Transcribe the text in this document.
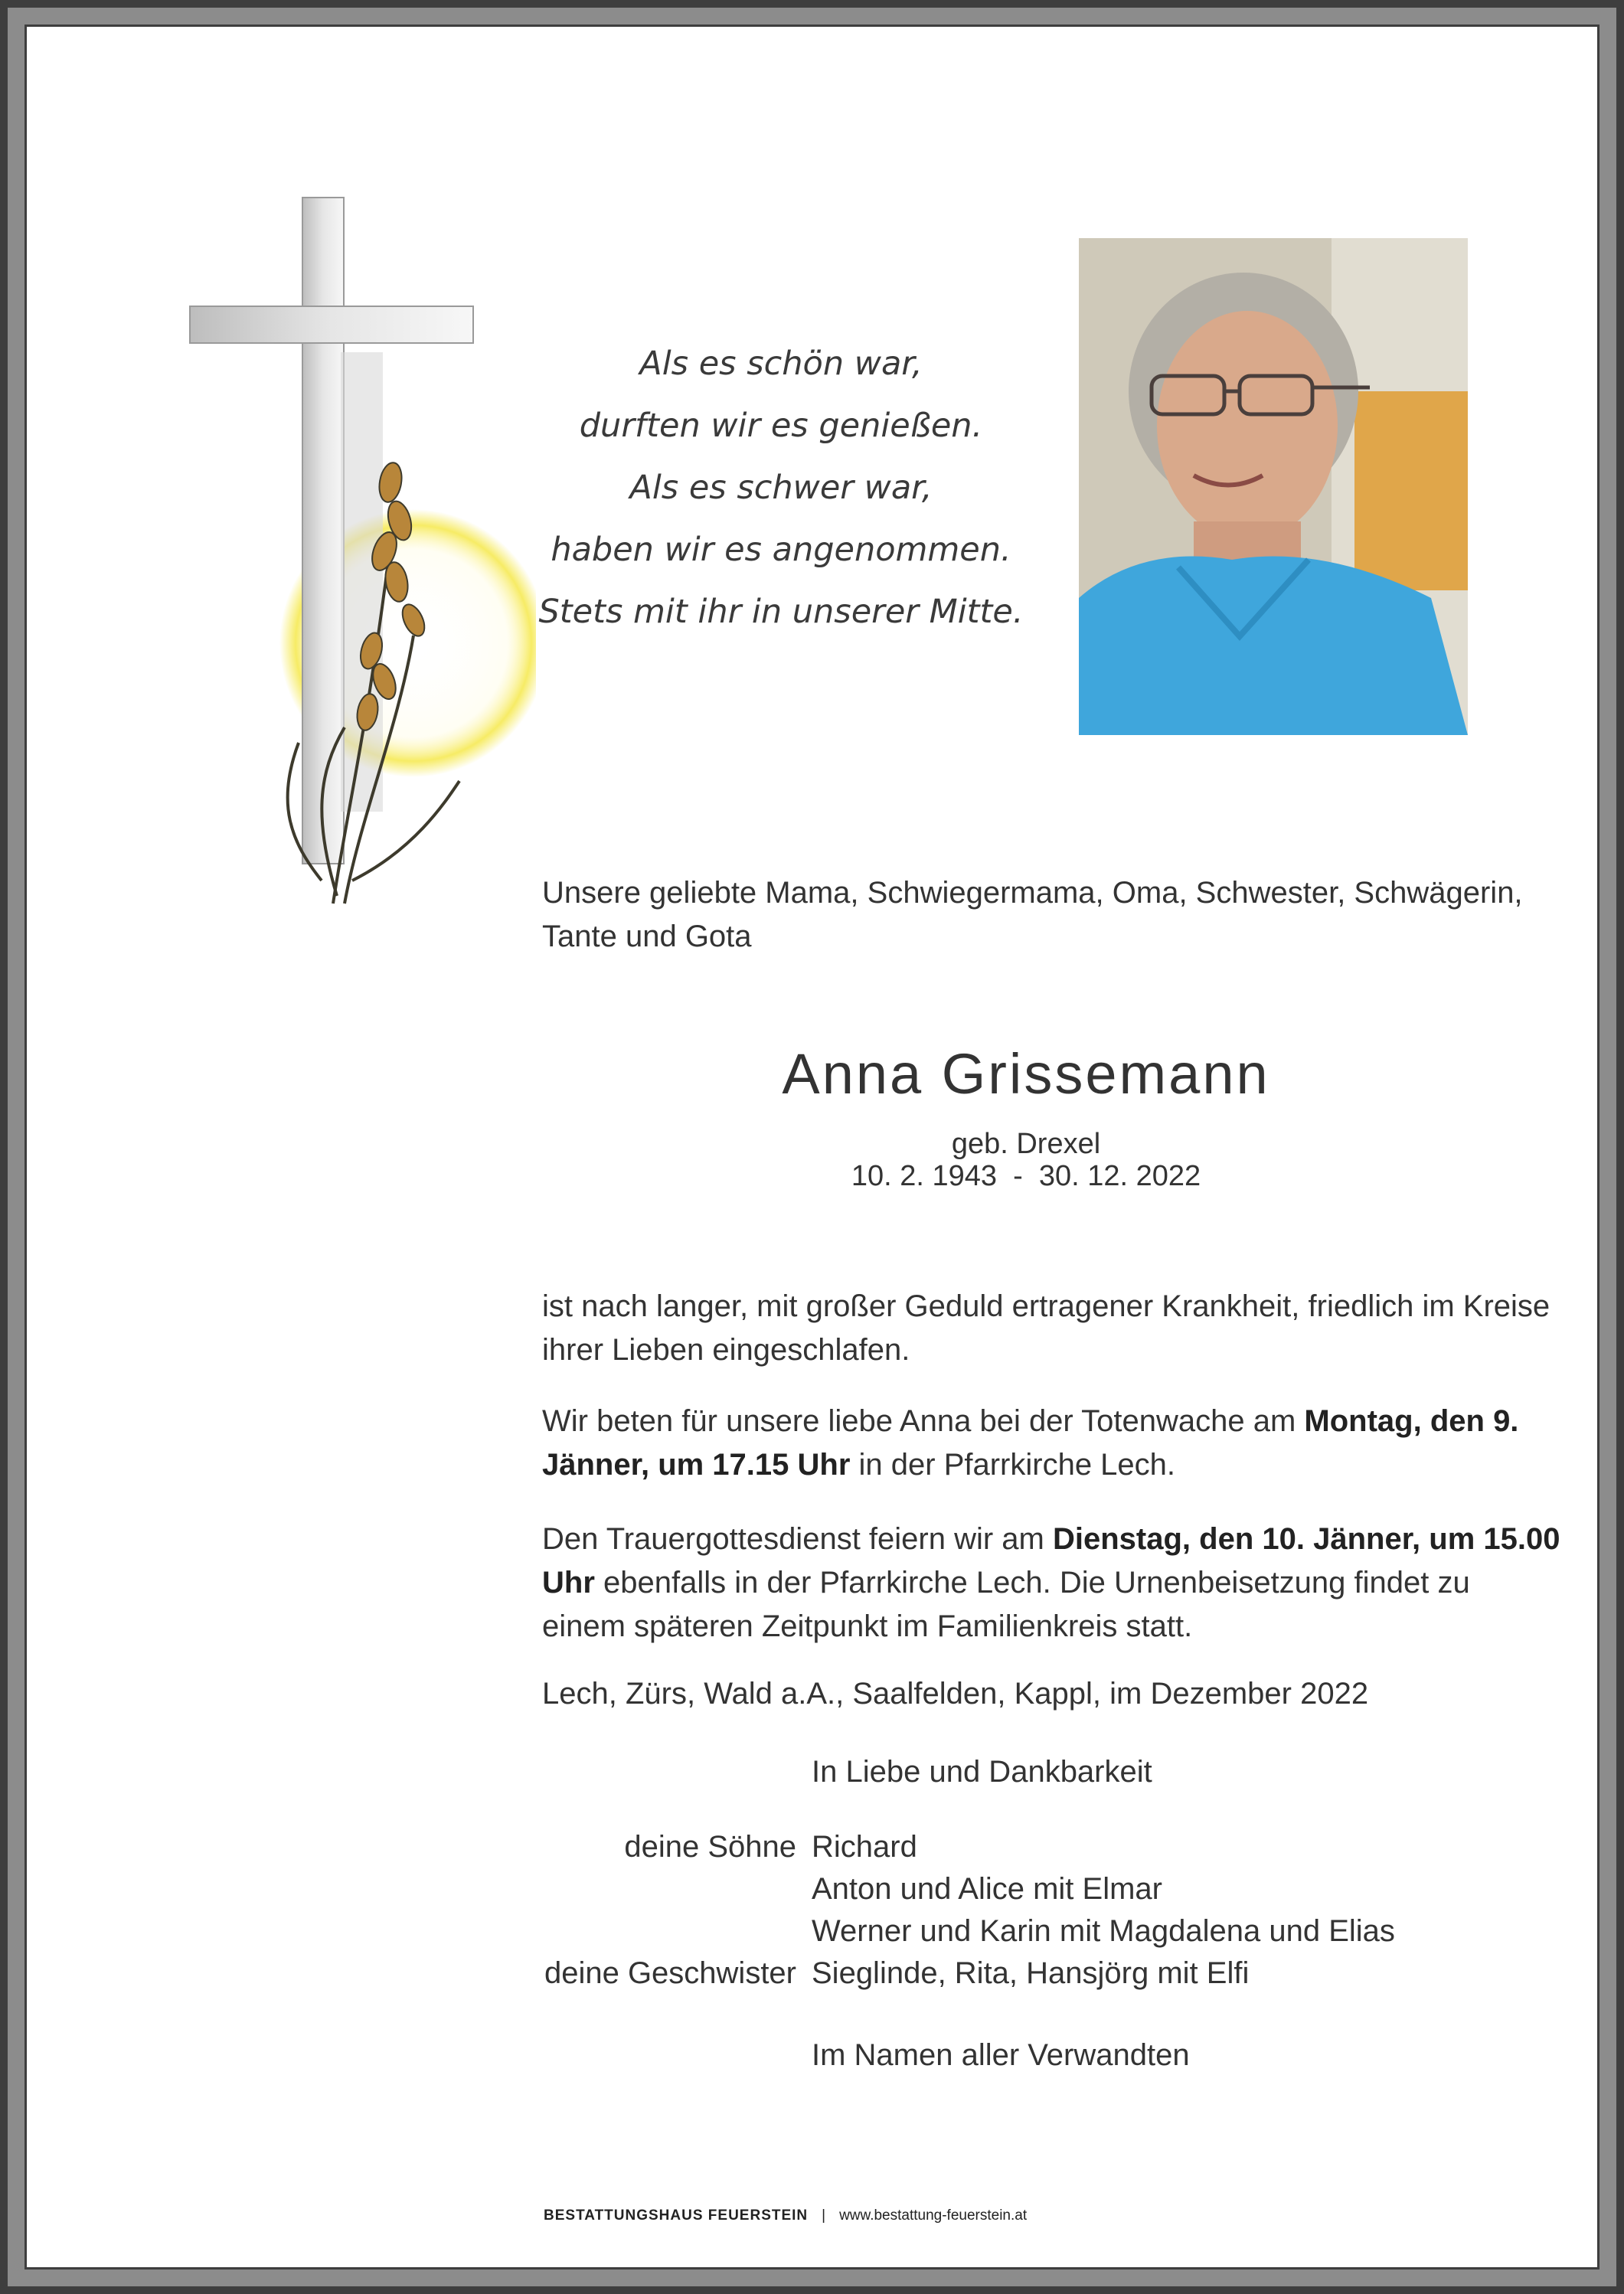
Als es schön war,
durften wir es genießen.
Als es schwer war,
haben wir es angenommen.
Stets mit ihr in unserer Mitte.
Unsere geliebte Mama, Schwiegermama, Oma, Schwester, Schwägerin, Tante und Gota
Anna Grissemann
geb. Drexel
10. 2. 1943  -  30. 12. 2022
ist nach langer, mit großer Geduld ertragener Krankheit, friedlich im Kreise ihrer Lieben eingeschlafen.
Wir beten für unsere liebe Anna bei der Totenwache am Montag, den 9. Jänner, um 17.15 Uhr in der Pfarrkirche Lech.
Den Trauergottesdienst feiern wir am Dienstag, den 10. Jänner, um 15.00 Uhr ebenfalls in der Pfarrkirche Lech. Die Urnenbeisetzung findet zu einem späteren Zeitpunkt im Familienkreis statt.
Lech, Zürs, Wald a.A., Saalfelden, Kappl, im Dezember 2022
In Liebe und Dankbarkeit
deine Söhne Richard
Anton und Alice mit Elmar
Werner und Karin mit Magdalena und Elias
deine Geschwister Sieglinde, Rita, Hansjörg mit Elfi
Im Namen aller Verwandten
BESTATTUNGSHAUS FEUERSTEIN | www.bestattung-feuerstein.at
